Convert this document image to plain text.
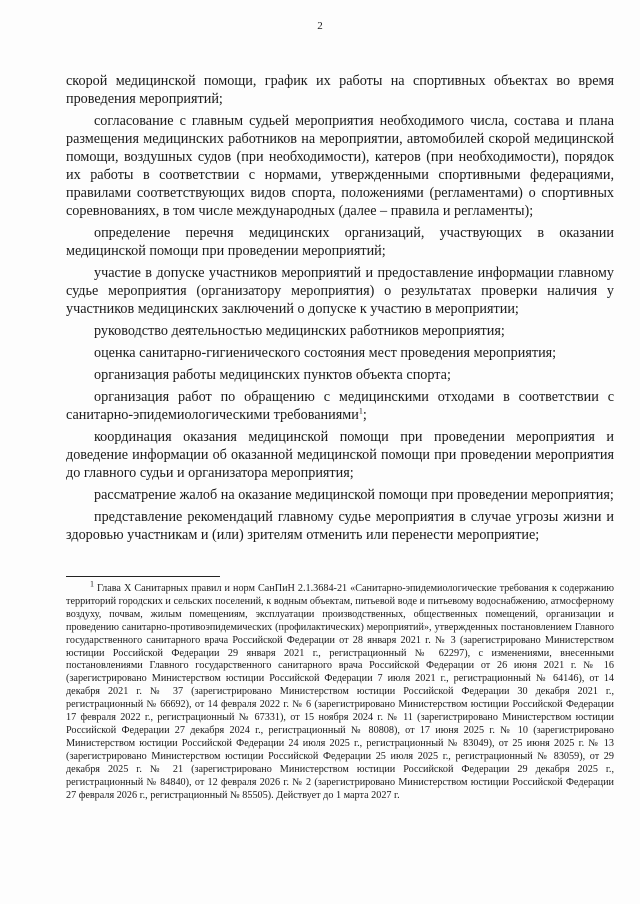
2

скорой медицинской помощи, график их работы на спортивных объектах во время проведения мероприятий;

согласование с главным судьей мероприятия необходимого числа, состава и плана размещения медицинских работников на мероприятии, автомобилей скорой медицинской помощи, воздушных судов (при необходимости), катеров (при необходимости), порядок их работы в соответствии с нормами, утвержденными спортивными федерациями, правилами соответствующих видов спорта, положениями (регламентами) о спортивных соревнованиях, в том числе международных (далее – правила и регламенты);

определение перечня медицинских организаций, участвующих в оказании медицинской помощи при проведении мероприятий;

участие в допуске участников мероприятий и предоставление информации главному судье мероприятия (организатору мероприятия) о результатах проверки наличия у участников медицинских заключений о допуске к участию в мероприятии;

руководство деятельностью медицинских работников мероприятия;

оценка санитарно-гигиенического состояния мест проведения мероприятия;

организация работы медицинских пунктов объекта спорта;

организация работ по обращению с медицинскими отходами в соответствии с санитарно-эпидемиологическими требованиями$^1$;

координация оказания медицинской помощи при проведении мероприятия и доведение информации об оказанной медицинской помощи при проведении мероприятия до главного судьи и организатора мероприятия;

рассматрение жалоб на оказание медицинской помощи при проведении мероприятия;

представление рекомендаций главному судье мероприятия в случае угрозы жизни и здоровью участникам и (или) зрителям отменить или перенести мероприятие;

$^1$ Глава X Санитарных правил и норм СанПиН 2.1.3684-21 «Санитарно-эпидемиологические требования к содержанию территорий городских и сельских поселений, к водным объектам, питьевой воде и питьевому водоснабжению, атмосферному воздуху, почвам, жилым помещениям, эксплуатации производственных, общественных помещений, организации и проведению санитарно-противоэпидемических (профилактических) мероприятий», утвержденных постановлением Главного государственного санитарного врача Российской Федерации от 28 января 2021 г. № 3 (зарегистрировано Министерством юстиции Российской Федерации 29 января 2021 г., регистрационный № 62297), с изменениями, внесенными постановлениями Главного государственного санитарного врача Российской Федерации от 26 июня 2021 г. № 16 (зарегистрировано Министерством юстиции Российской Федерации 7 июля 2021 г., регистрационный № 64146), от 14 декабря 2021 г. № 37 (зарегистрировано Министерством юстиции Российской Федерации 30 декабря 2021 г., регистрационный № 66692), от 14 февраля 2022 г. № 6 (зарегистрировано Министерством юстиции Российской Федерации 17 февраля 2022 г., регистрационный № 67331), от 15 ноября 2024 г. № 11 (зарегистрировано Министерством юстиции Российской Федерации 27 декабря 2024 г., регистрационный № 80808), от 17 июня 2025 г. № 10 (зарегистрировано Министерством юстиции Российской Федерации 24 июля 2025 г., регистрационный № 83049), от 25 июня 2025 г. № 13 (зарегистрировано Министерством юстиции Российской Федерации 25 июля 2025 г., регистрационный № 83059), от 29 декабря 2025 г. № 21 (зарегистрировано Министерством юстиции Российской Федерации 29 декабря 2025 г., регистрационный № 84840), от 12 февраля 2026 г. № 2 (зарегистрировано Министерством юстиции Российской Федерации 27 февраля 2026 г., регистрационный № 85505). Действует до 1 марта 2027 г.
